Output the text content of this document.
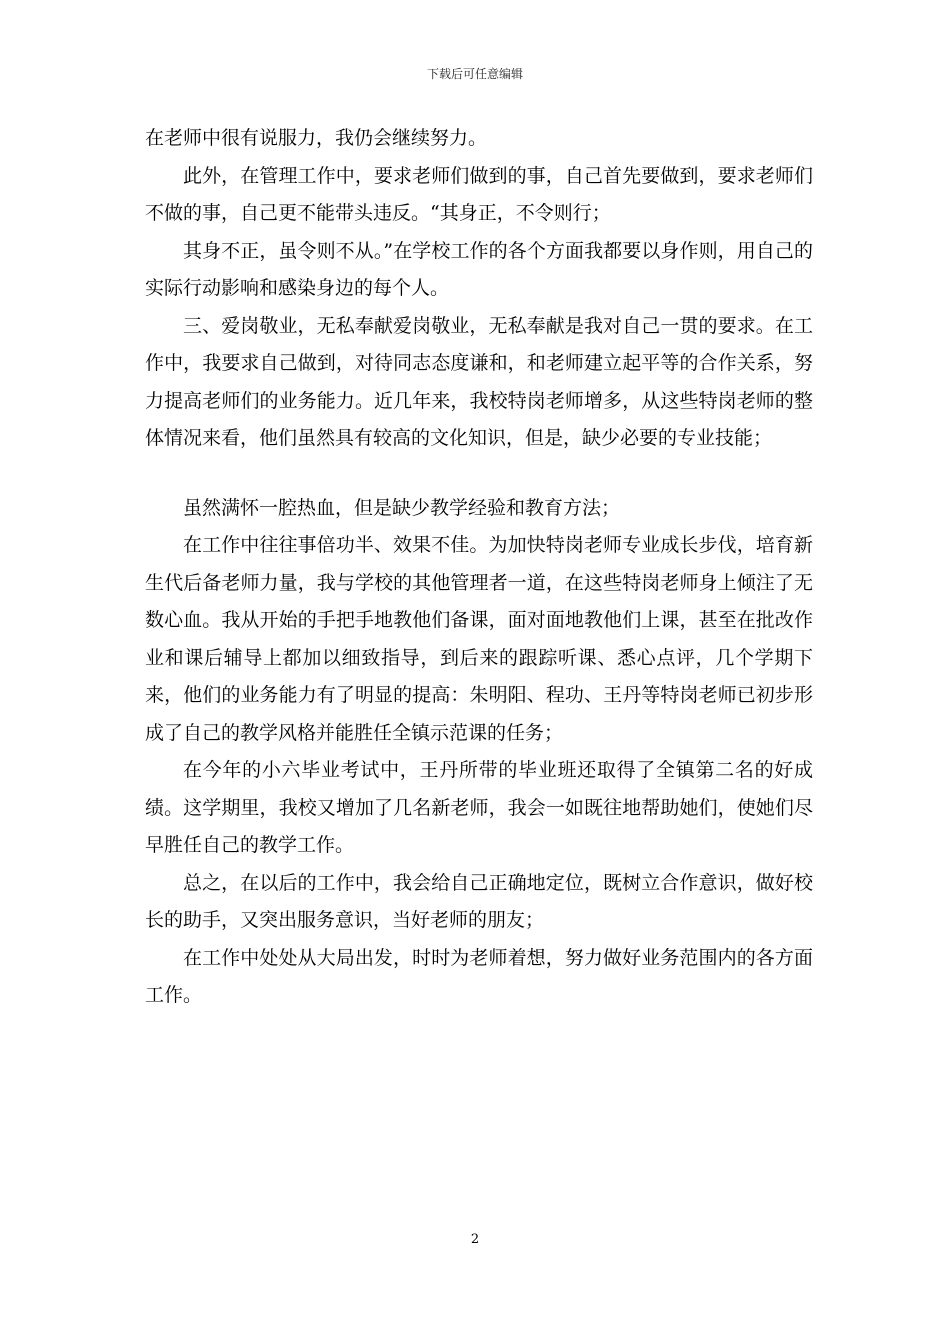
下载后可任意编辑

在老师中很有说服力，我仍会继续努力。

此外，在管理工作中，要求老师们做到的事，自己首先要做到，要求老师们不做的事，自己更不能带头违反。“其身正，不令则行；

其身不正，虽令则不从。”在学校工作的各个方面我都要以身作则，用自己的实际行动影响和感染身边的每个人。

三、爱岗敬业，无私奉献爱岗敬业，无私奉献是我对自己一贯的要求。在工作中，我要求自己做到，对待同志态度谦和，和老师建立起平等的合作关系，努力提高老师们的业务能力。近几年来，我校特岗老师增多，从这些特岗老师的整体情况来看，他们虽然具有较高的文化知识，但是，缺少必要的专业技能；

虽然满怀一腔热血，但是缺少教学经验和教育方法；

在工作中往往事倍功半、效果不佳。为加快特岗老师专业成长步伐，培育新生代后备老师力量，我与学校的其他管理者一道，在这些特岗老师身上倾注了无数心血。我从开始的手把手地教他们备课，面对面地教他们上课，甚至在批改作业和课后辅导上都加以细致指导，到后来的跟踪听课、悉心点评，几个学期下来，他们的业务能力有了明显的提高：朱明阳、程功、王丹等特岗老师已初步形成了自己的教学风格并能胜任全镇示范课的任务；

在今年的小六毕业考试中，王丹所带的毕业班还取得了全镇第二名的好成绩。这学期里，我校又增加了几名新老师，我会一如既往地帮助她们，使她们尽早胜任自己的教学工作。

总之，在以后的工作中，我会给自己正确地定位，既树立合作意识，做好校长的助手，又突出服务意识，当好老师的朋友；

在工作中处处从大局出发，时时为老师着想，努力做好业务范围内的各方面工作。

2
